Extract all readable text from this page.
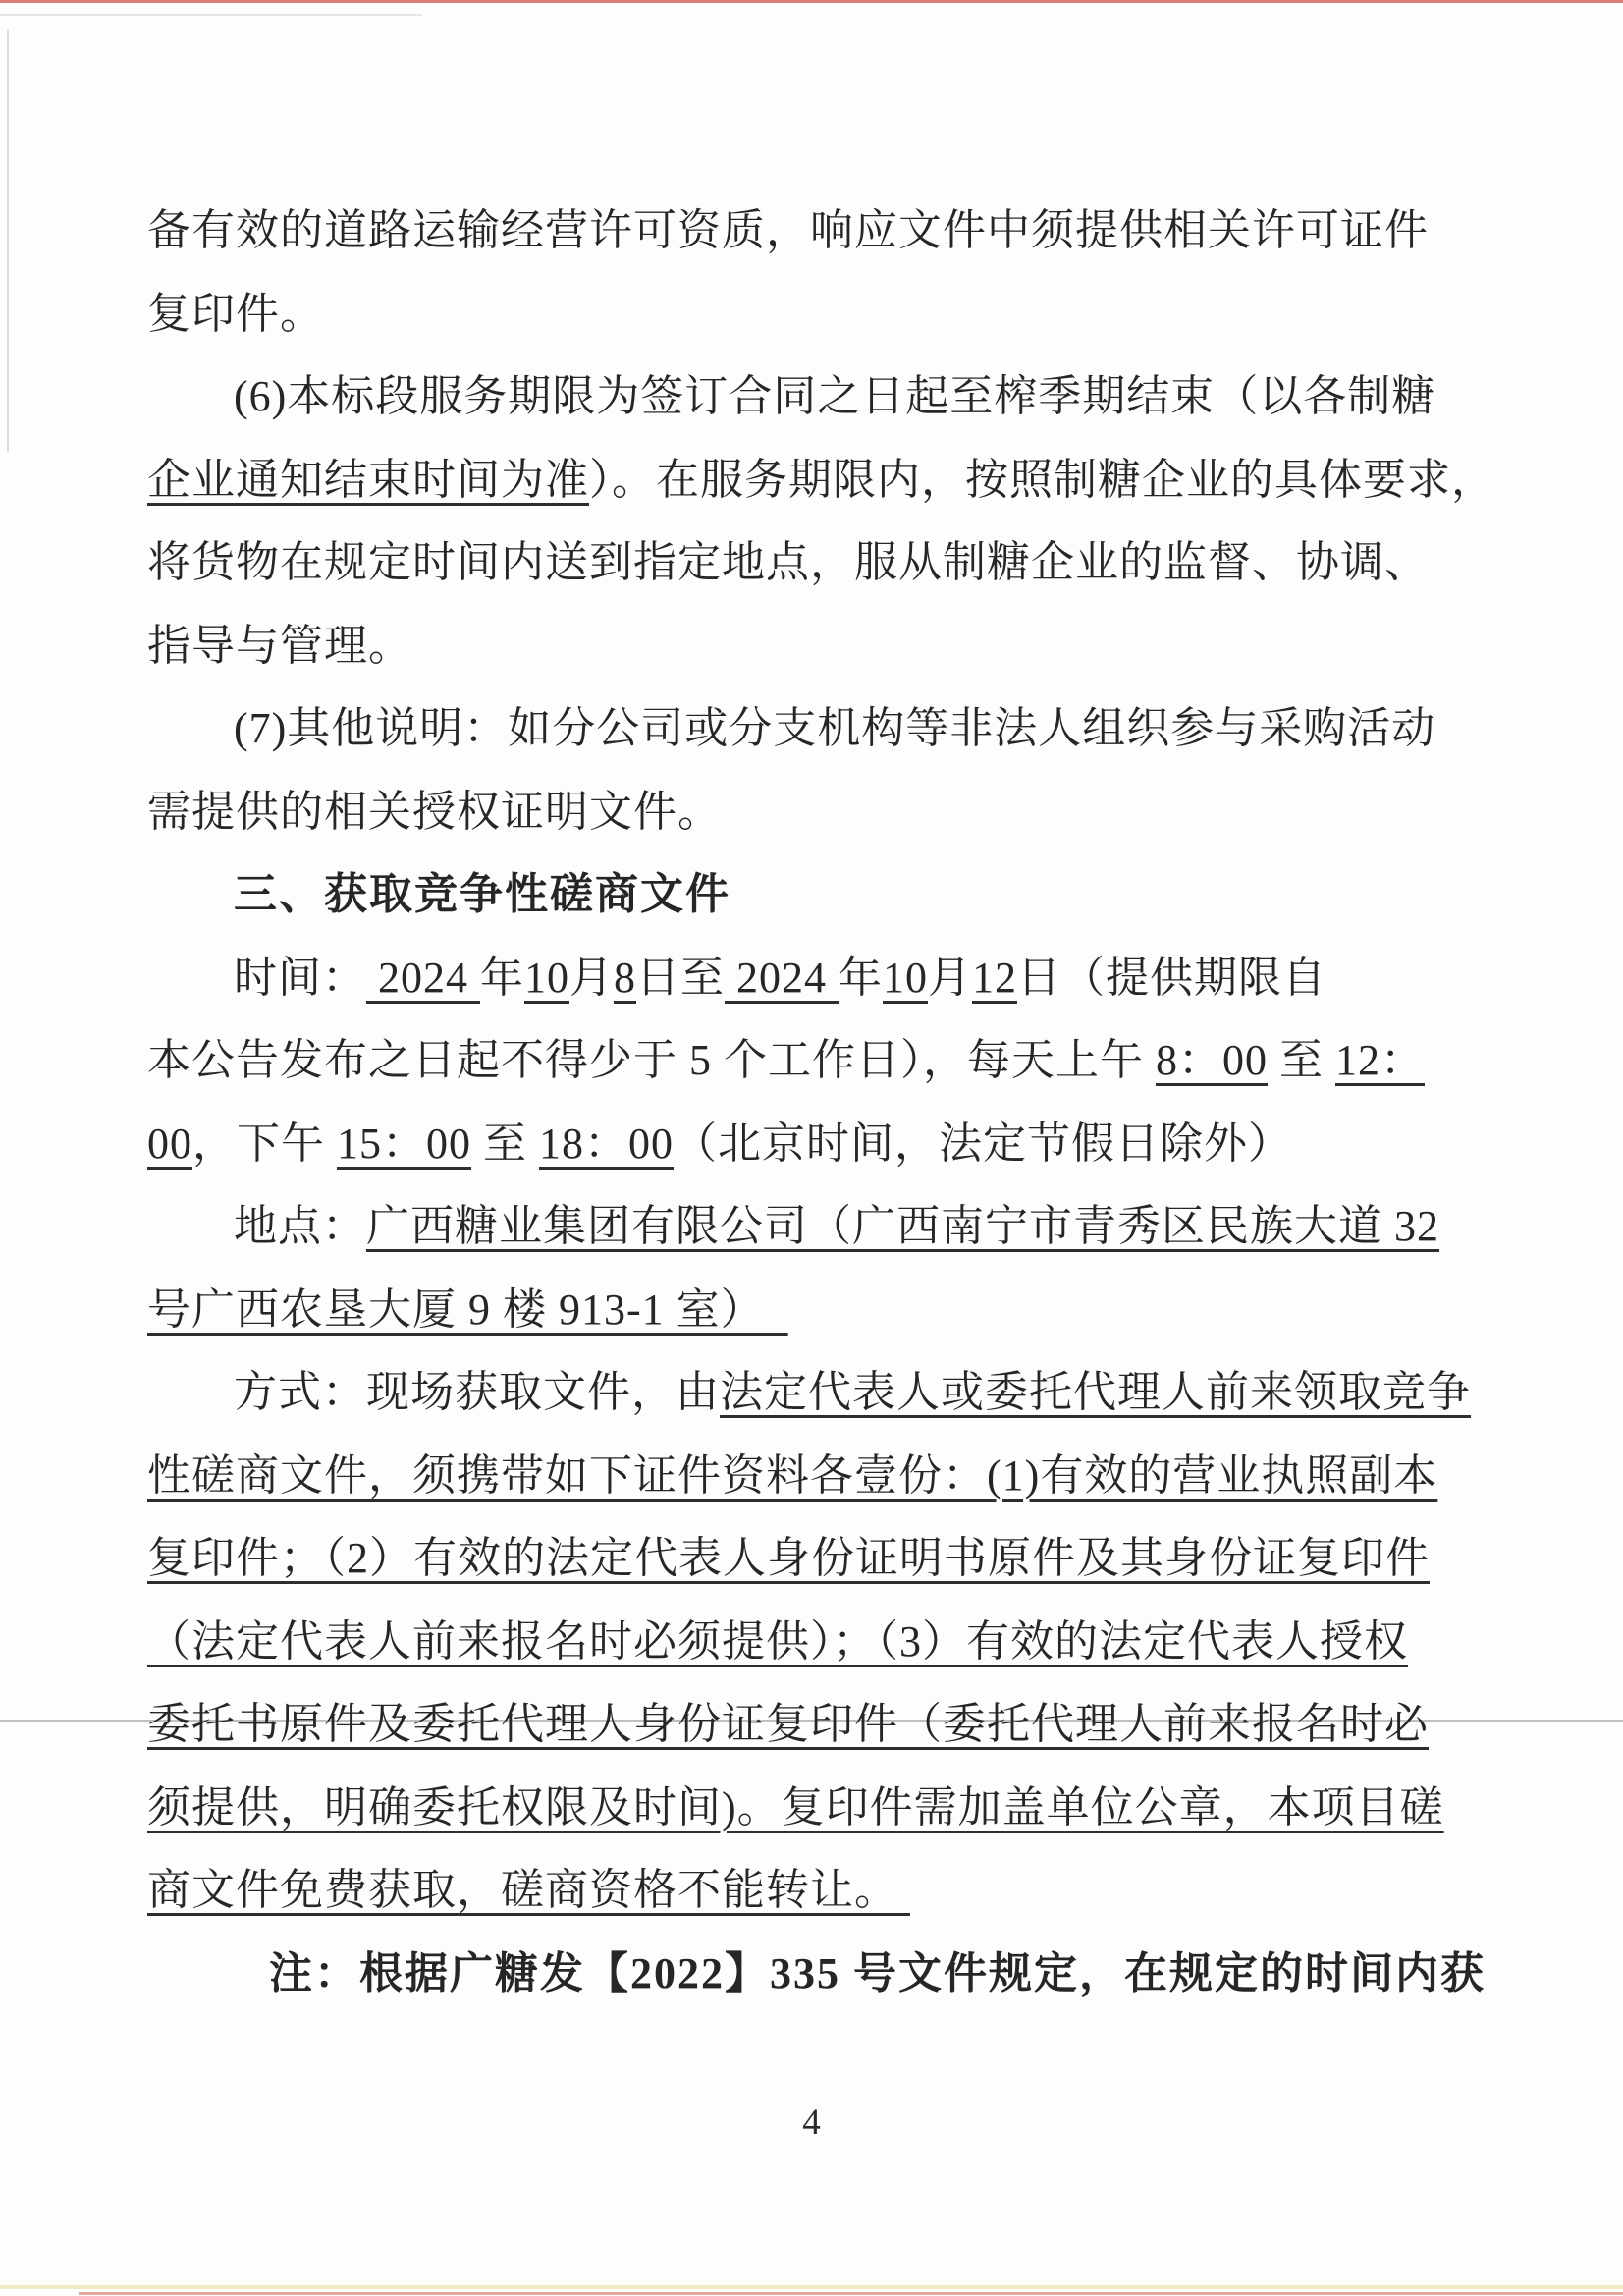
备有效的道路运输经营许可资质，响应文件中须提供相关许可证件
复印件。
(6)本标段服务期限为签订合同之日起至榨季期结束（以各制糖
企业通知结束时间为准）。在服务期限内，按照制糖企业的具体要求，
将货物在规定时间内送到指定地点，服从制糖企业的监督、协调、
指导与管理。
(7)其他说明：如分公司或分支机构等非法人组织参与采购活动
需提供的相关授权证明文件。
三、获取竞争性磋商文件
时间： 2024 年10月8日至 2024 年10月12日（提供期限自
本公告发布之日起不得少于 5 个工作日），每天上午 8：00 至 12：
00，下午 15：00 至 18：00（北京时间，法定节假日除外）
地点：广西糖业集团有限公司（广西南宁市青秀区民族大道 32
号广西农垦大厦 9 楼 913-1 室）
方式：现场获取文件，由法定代表人或委托代理人前来领取竞争
性磋商文件，须携带如下证件资料各壹份：(1)有效的营业执照副本
复印件；（2）有效的法定代表人身份证明书原件及其身份证复印件
（法定代表人前来报名时必须提供）；（3）有效的法定代表人授权
委托书原件及委托代理人身份证复印件（委托代理人前来报名时必
须提供，明确委托权限及时间)。复印件需加盖单位公章，本项目磋
商文件免费获取，磋商资格不能转让。
注：根据广糖发【2022】335 号文件规定，在规定的时间内获
4
